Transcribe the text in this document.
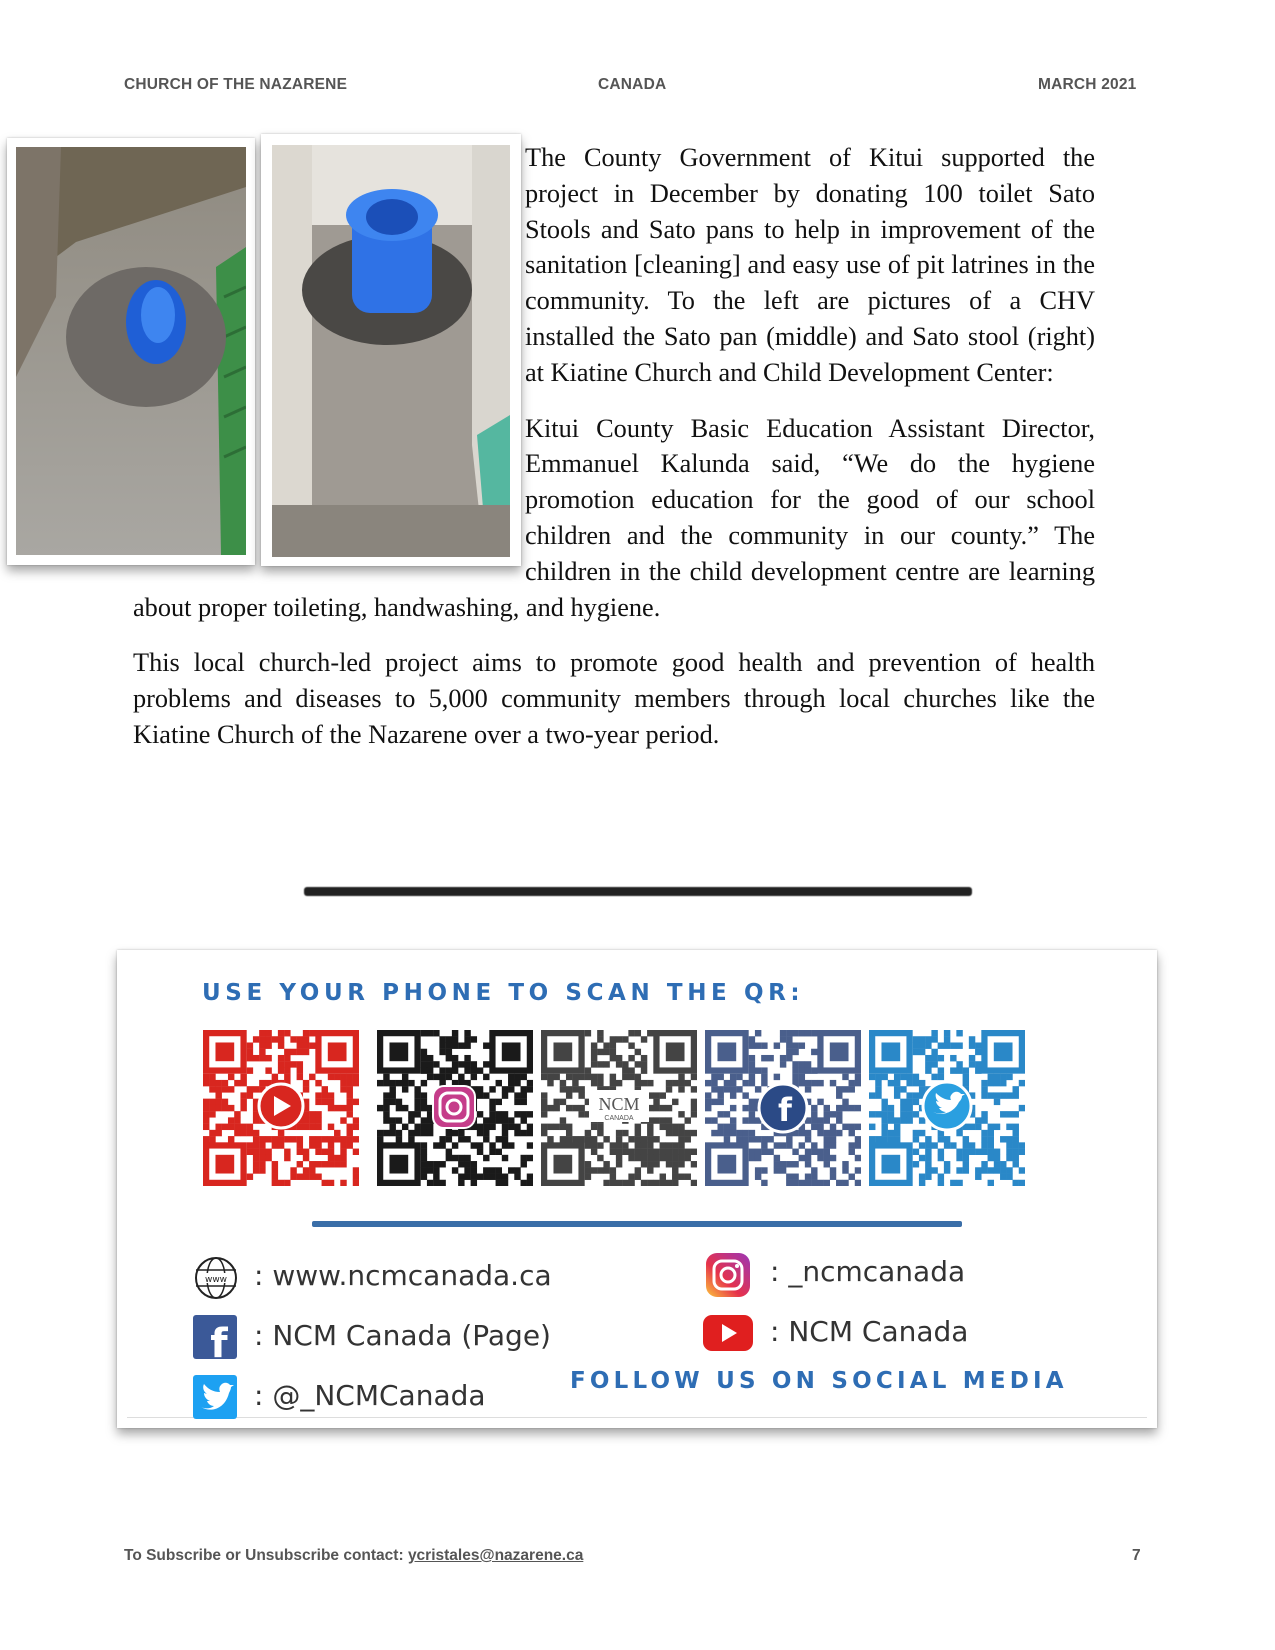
CHURCH OF THE NAZARENE	CANADA	MARCH 2021

The County Government of Kitui supported the project in December by donating 100 toilet Sato Stools and Sato pans to help in improvement of the sanitation [cleaning] and easy use of pit latrines in the community. To the left are pictures of a CHV installed the Sato pan (middle) and Sato stool (right) at Kiatine Church and Child Development Center:

Kitui County Basic Education Assistant Director, Emmanuel Kalunda said, “We do the hygiene promotion education for the good of our school children and the community in our county.” The children in the child development centre are learning about proper toileting, handwashing, and hygiene.

This local church-led project aims to promote good health and prevention of health problems and diseases to 5,000 community members through local churches like the Kiatine Church of the Nazarene over a two-year period.

USE YOUR PHONE TO SCAN THE QR:
NCM
CANADA	f
www : www.ncmcanada.ca
f : NCM Canada (Page)
: @_NCMCanada
: _ncmcanada
: NCM Canada
FOLLOW US ON SOCIAL MEDIA
To Subscribe or Unsubscribe contact: ycristales@nazarene.ca	7
